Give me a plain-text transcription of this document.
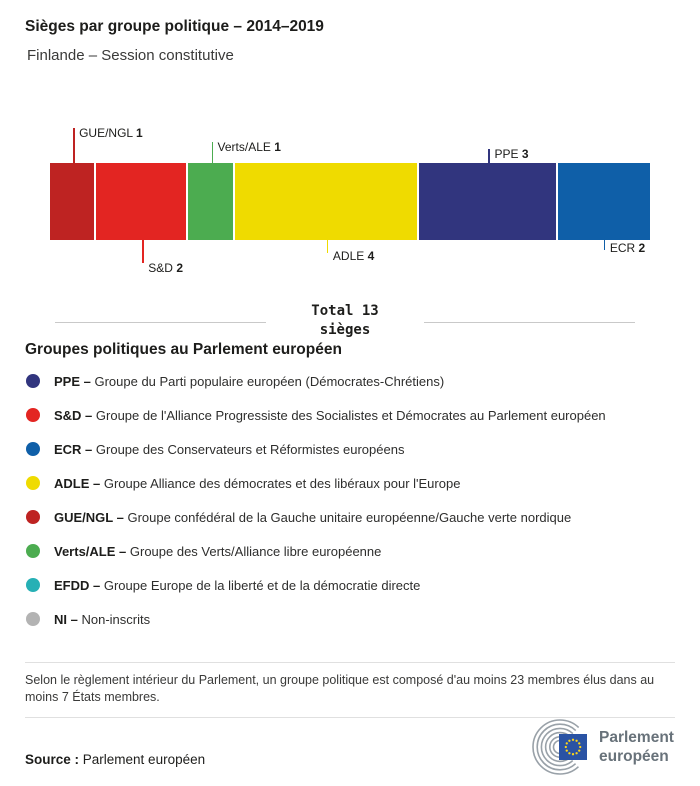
Sièges par groupe politique – 2014–2019
Finlande – Session constitutive
GUE/NGL 1
S&D 2
Verts/ALE 1
ADLE 4
PPE 3
ECR 2
Total 13
sièges
Groupes politiques au Parlement européen
PPE – Groupe du Parti populaire européen (Démocrates-Chrétiens)
S&D – Groupe de l'Alliance Progressiste des Socialistes et Démocrates au Parlement européen
ECR – Groupe des Conservateurs et Réformistes européens
ADLE – Groupe Alliance des démocrates et des libéraux pour l'Europe
GUE/NGL – Groupe confédéral de la Gauche unitaire européenne/Gauche verte nordique
Verts/ALE – Groupe des Verts/Alliance libre européenne
EFDD – Groupe Europe de la liberté et de la démocratie directe
NI – Non-inscrits
Selon le règlement intérieur du Parlement, un groupe politique est composé d'au moins 23 membres élus dans au moins 7 États membres.
Source : Parlement européen
Parlement
européen
